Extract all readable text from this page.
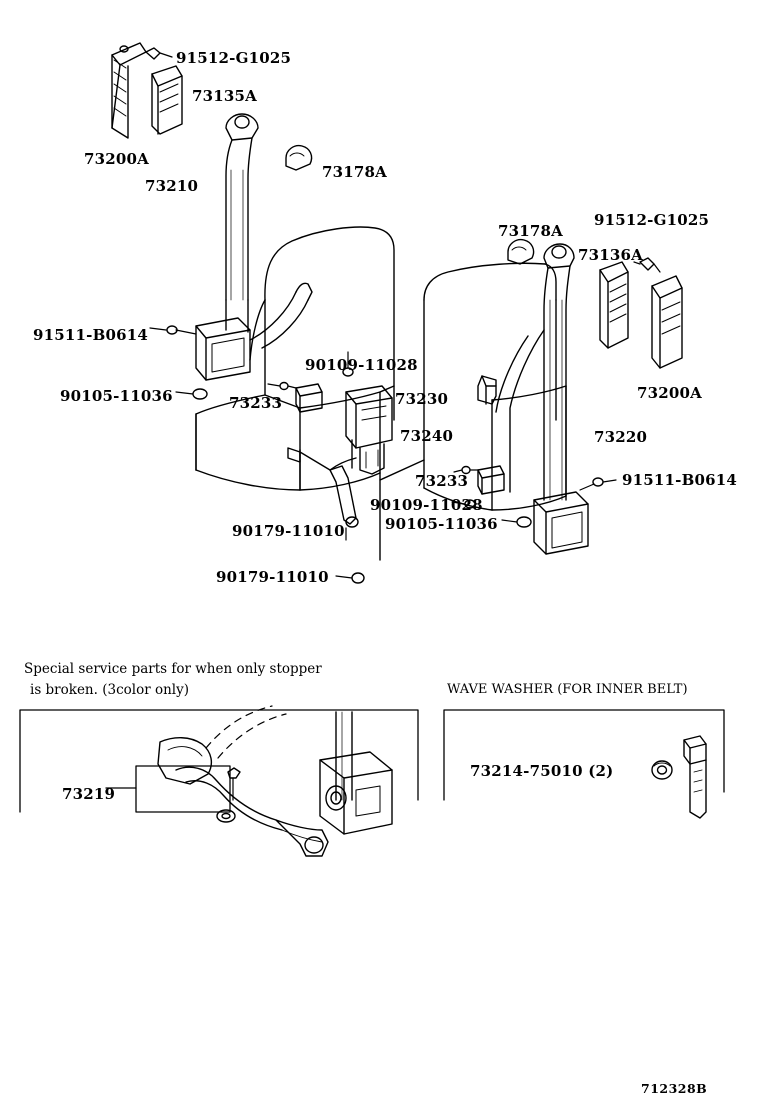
91512-G1025
73135A
73200A
73210
73178A
73178A
91512-G1025
73136A
91511-B0614
90109-11028
73200A
90105-11036	73233	73230
73240	73220
73233	91511-B0614
90109-11028
90179-11010	90105-11036
90179-11010
73219
73214-75010 (2)
Special service parts for when only stopper
is broken. (3color only)	WAVE WASHER (FOR INNER BELT)
712328B
